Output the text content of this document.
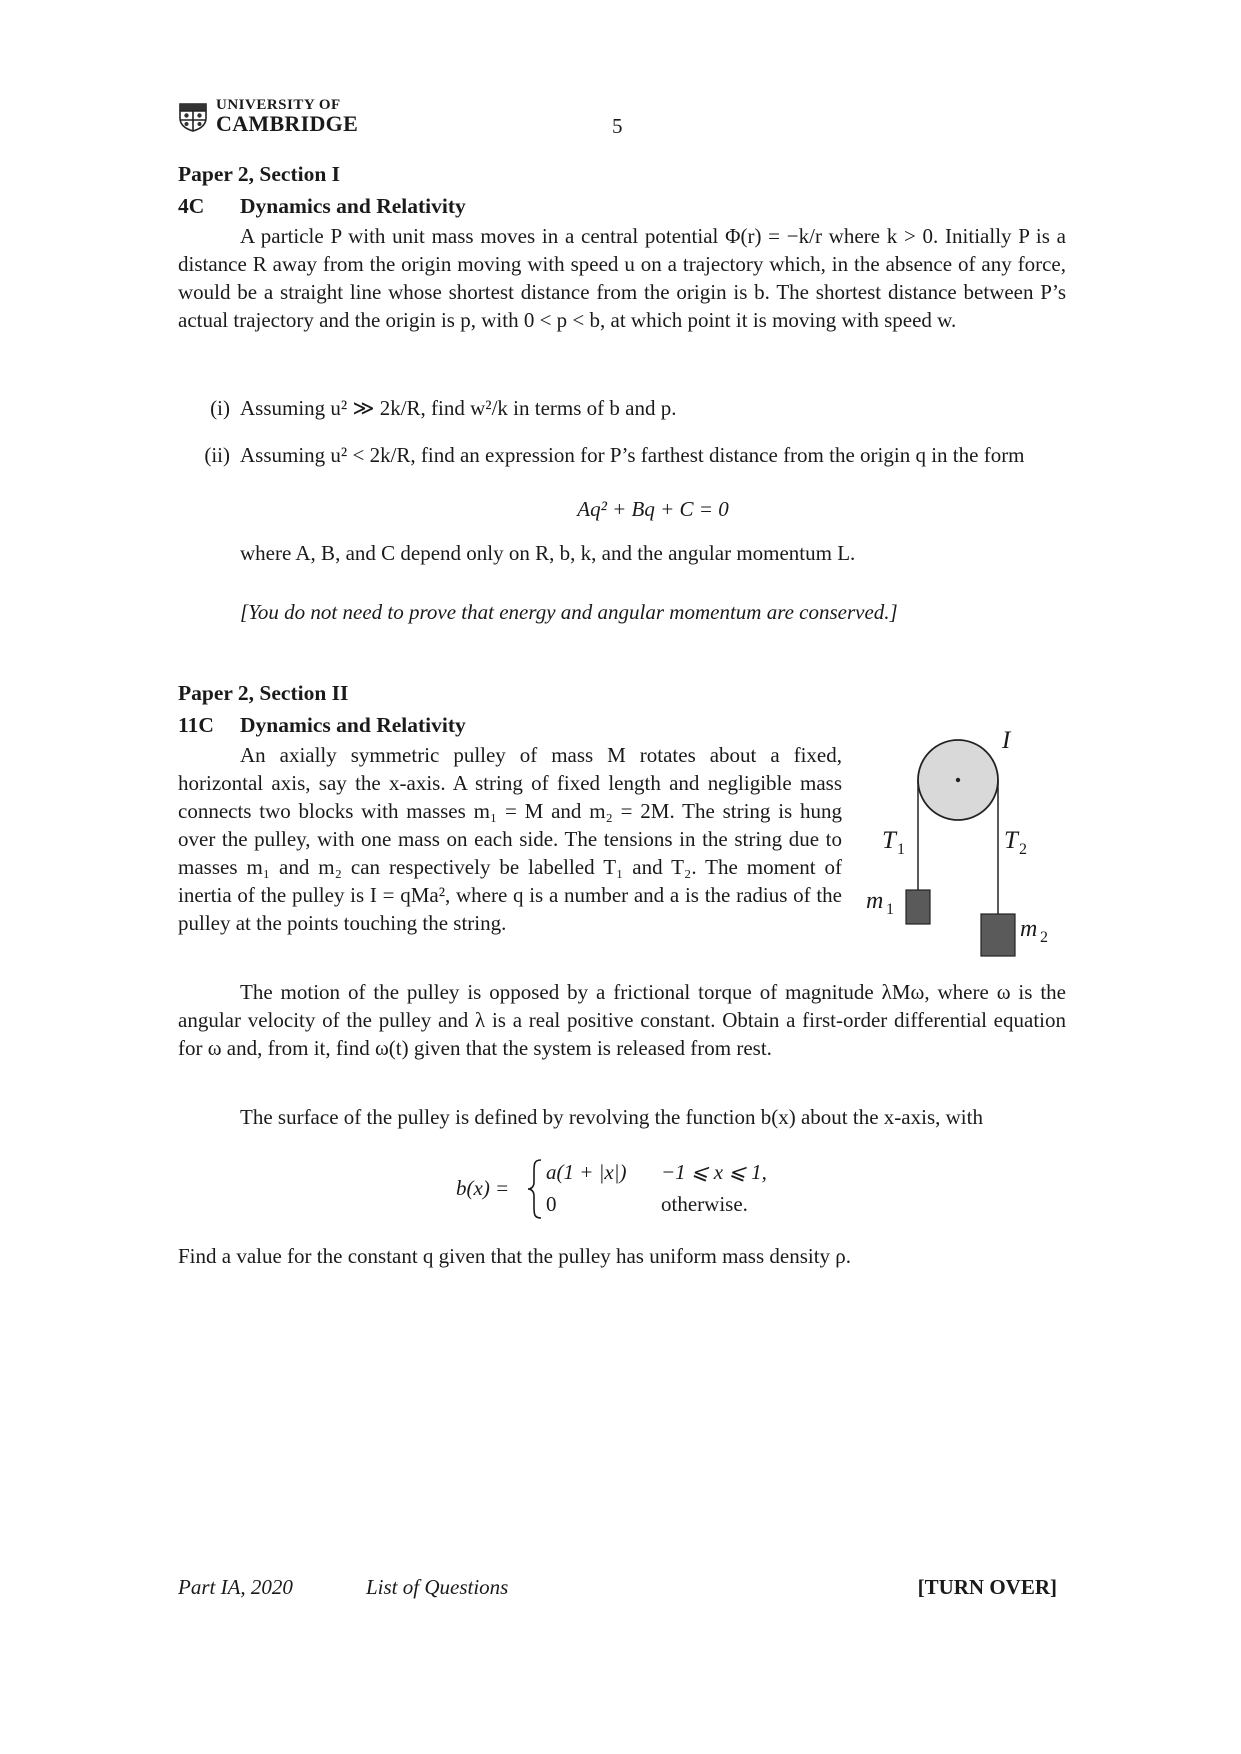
UNIVERSITY OF
CAMBRIDGE	5
Paper 2, Section I
4C Dynamics and Relativity
A particle P with unit mass moves in a central potential Φ(r) = −k/r where k > 0. Initially P is a distance R away from the origin moving with speed u on a trajectory which, in the absence of any force, would be a straight line whose shortest distance from the origin is b. The shortest distance between P’s actual trajectory and the origin is p, with 0 < p < b, at which point it is moving with speed w.
(i) Assuming u² ≫ 2k/R, find w²/k in terms of b and p.
(ii) Assuming u² < 2k/R, find an expression for P’s farthest distance from the origin q in the form
Aq² + Bq + C = 0
where A, B, and C depend only on R, b, k, and the angular momentum L.
[You do not need to prove that energy and angular momentum are conserved.]
Paper 2, Section II
11C Dynamics and Relativity
An axially symmetric pulley of mass M rotates about a fixed, horizontal axis, say the x-axis. A string of fixed length and negligible mass connects two blocks with masses m₁ = M and m₂ = 2M. The string is hung over the pulley, with one mass on each side. The tensions in the string due to masses m₁ and m₂ can respectively be labelled T₁ and T₂. The moment of inertia of the pulley is I = qMa², where q is a number and a is the radius of the pulley at the points touching the string.
I
T 1	T 2
m 1
m 2
The motion of the pulley is opposed by a frictional torque of magnitude λMω, where ω is the angular velocity of the pulley and λ is a real positive constant. Obtain a first-order differential equation for ω and, from it, find ω(t) given that the system is released from rest.
The surface of the pulley is defined by revolving the function b(x) about the x-axis, with
b(x) =
a(1 + |x|) −1 ⩽ x ⩽ 1,
0	otherwise.
Find a value for the constant q given that the pulley has uniform mass density ρ.
Part IA, 2020	List of Questions	[TURN OVER]
